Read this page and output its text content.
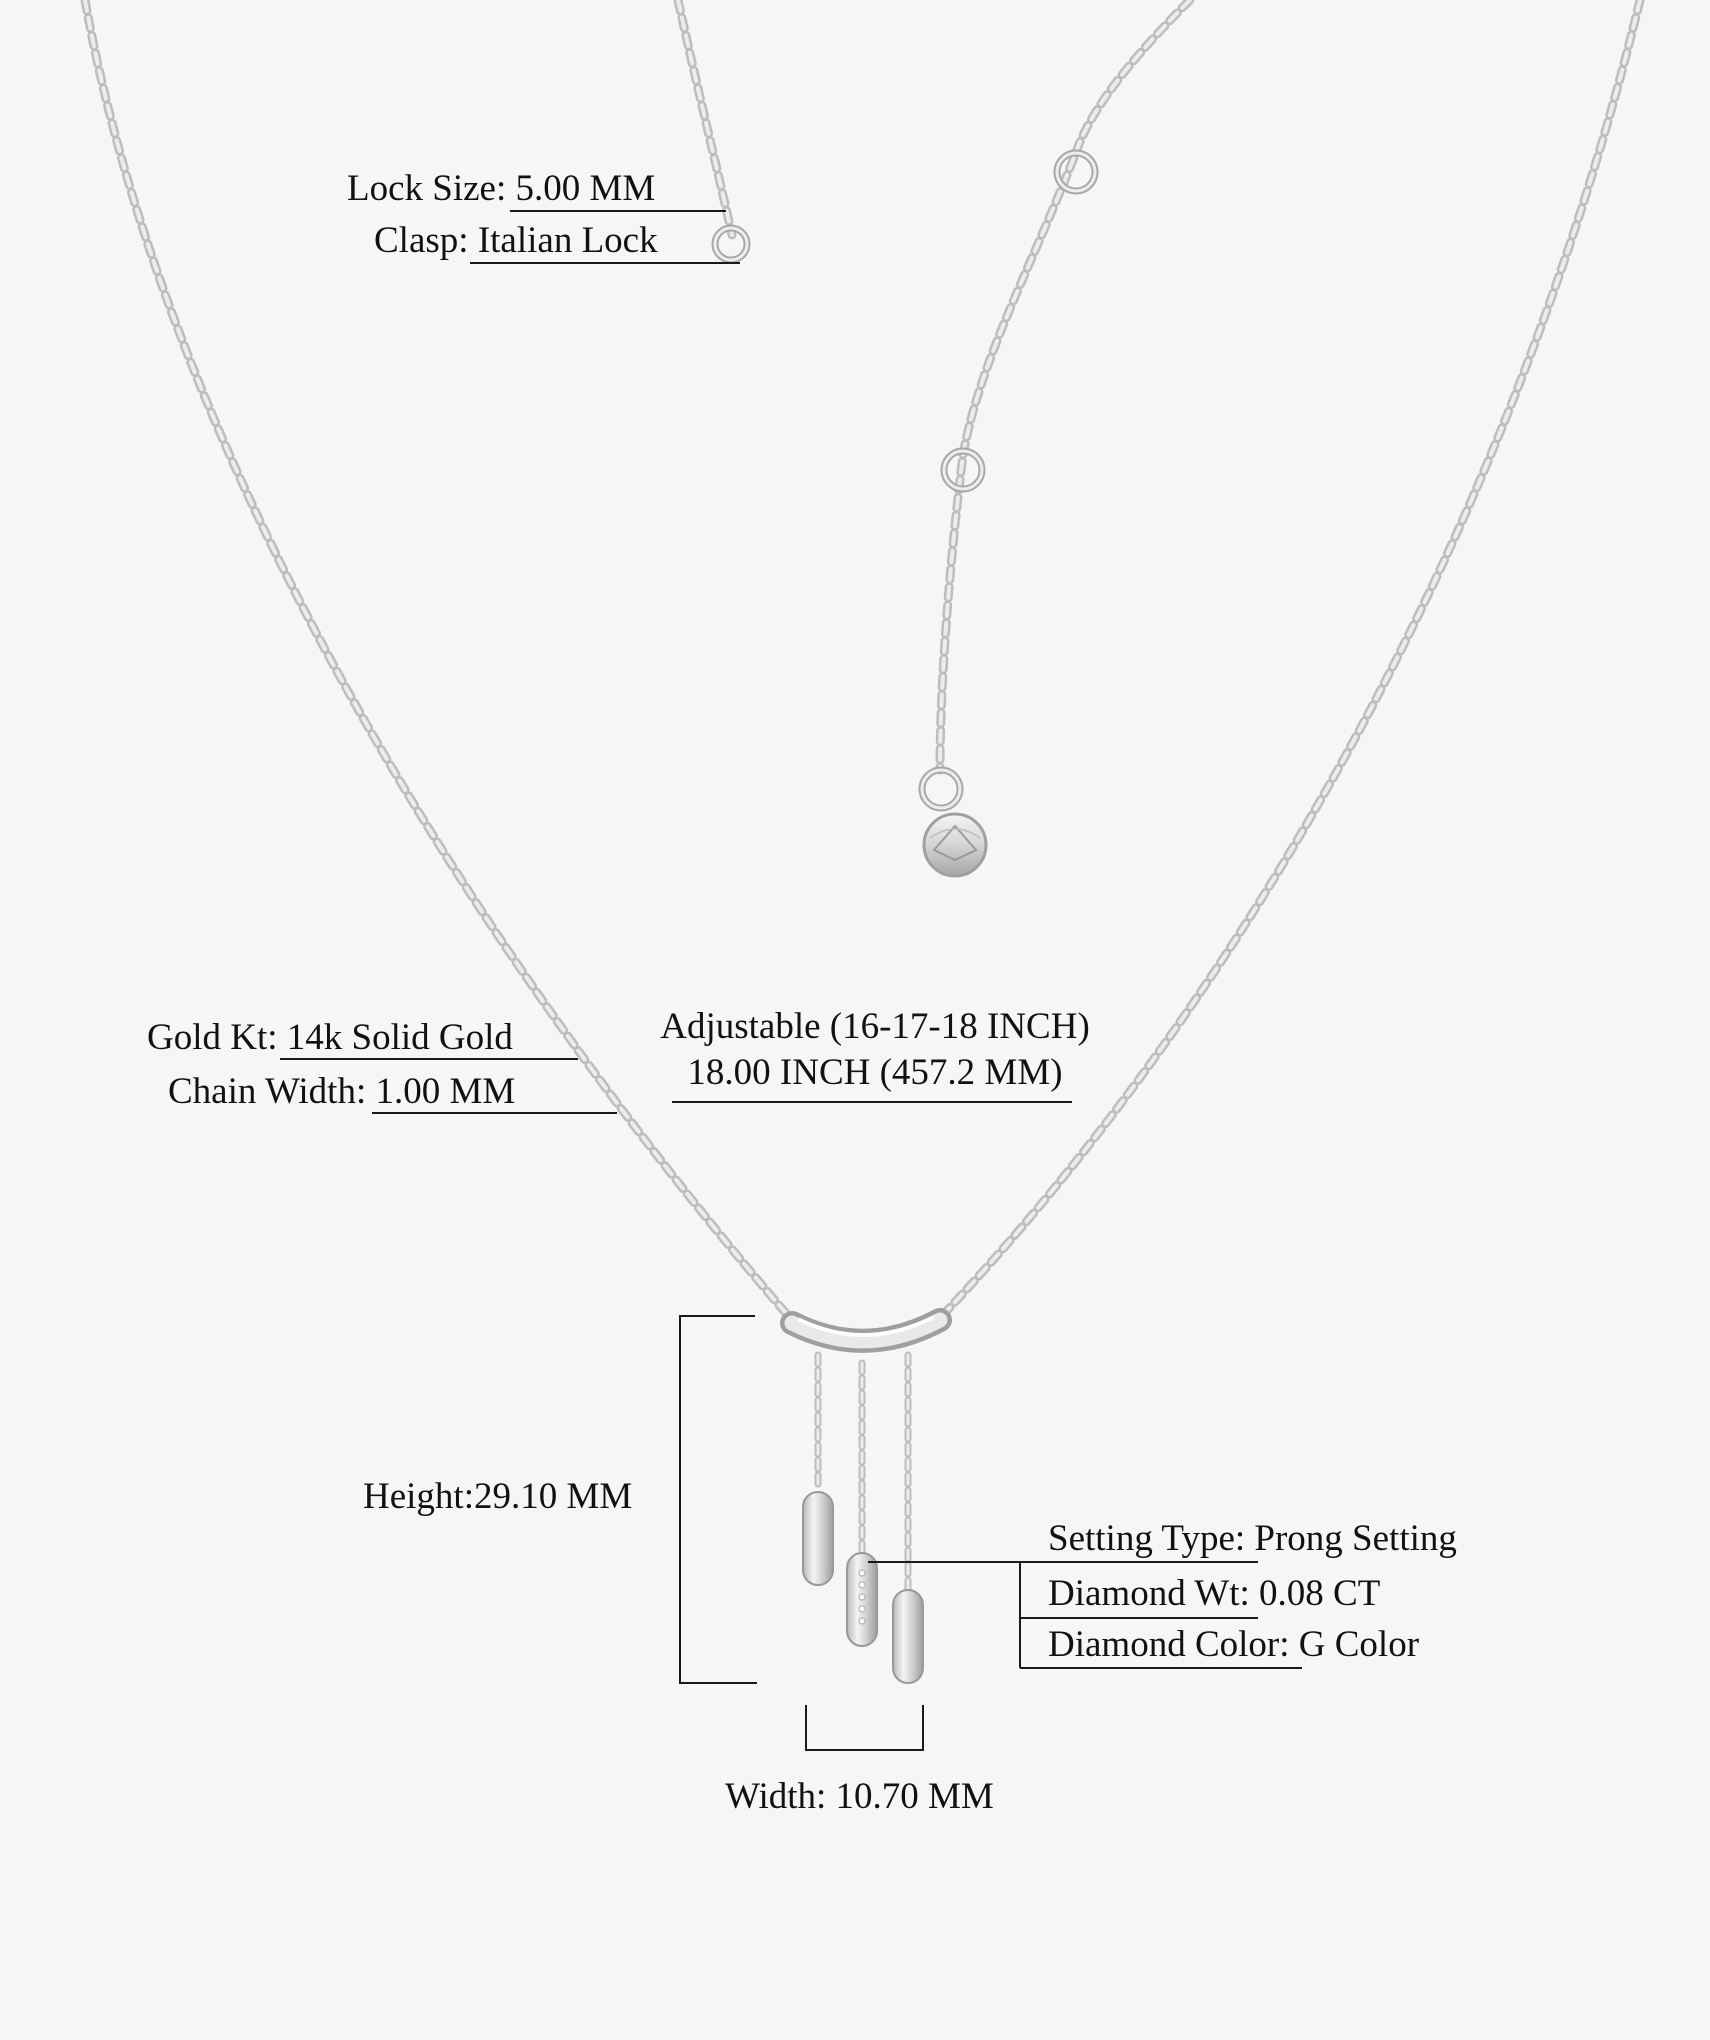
Lock Size: 5.00 MM
Clasp: Italian Lock
Gold Kt: 14k Solid Gold
Chain Width: 1.00 MM
Adjustable (16-17-18 INCH)
18.00 INCH (457.2 MM)
Height:29.10 MM
Setting Type: Prong Setting
Diamond Wt: 0.08 CT
Diamond Color: G Color
Width: 10.70 MM
